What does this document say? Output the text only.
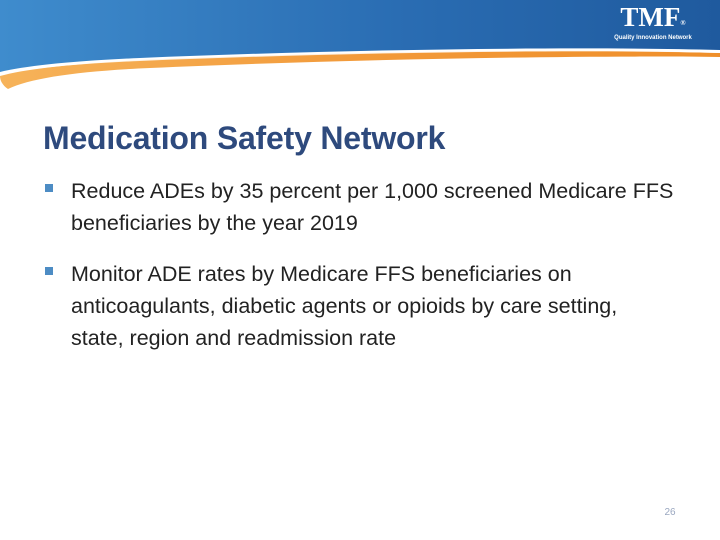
TMF®
Quality Innovation Network
Medication Safety Network
Reduce ADEs by 35 percent per 1,000 screened Medicare FFS beneficiaries by the year 2019
Monitor ADE rates by Medicare FFS beneficiaries on anticoagulants, diabetic agents or opioids by care setting, state, region and readmission rate
26
